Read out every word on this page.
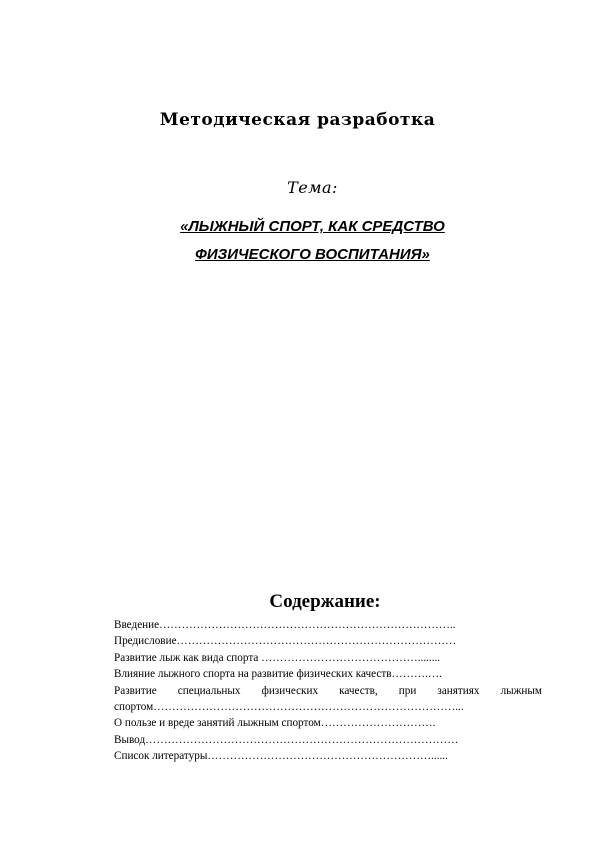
Методическая разработка
Тема:
«ЛЫЖНЫЙ СПОРТ, КАК СРЕДСТВО
ФИЗИЧЕСКОГО ВОСПИТАНИЯ»
Содержание:
Введение……………………………………………………………………..
Предисловие…………………………………………………………………
Развитие лыж как вида спорта ……………………………………........
Влияние лыжного спорта на развитие физических качеств……….….
Развитие специальных физических качеств, при занятиях лыжным спортом………………………………………………………………………...
О пользе и вреде занятий лыжным спортом………………………….
Вывод…………………………………………………………………………
Список литературы……………………………………………………......
